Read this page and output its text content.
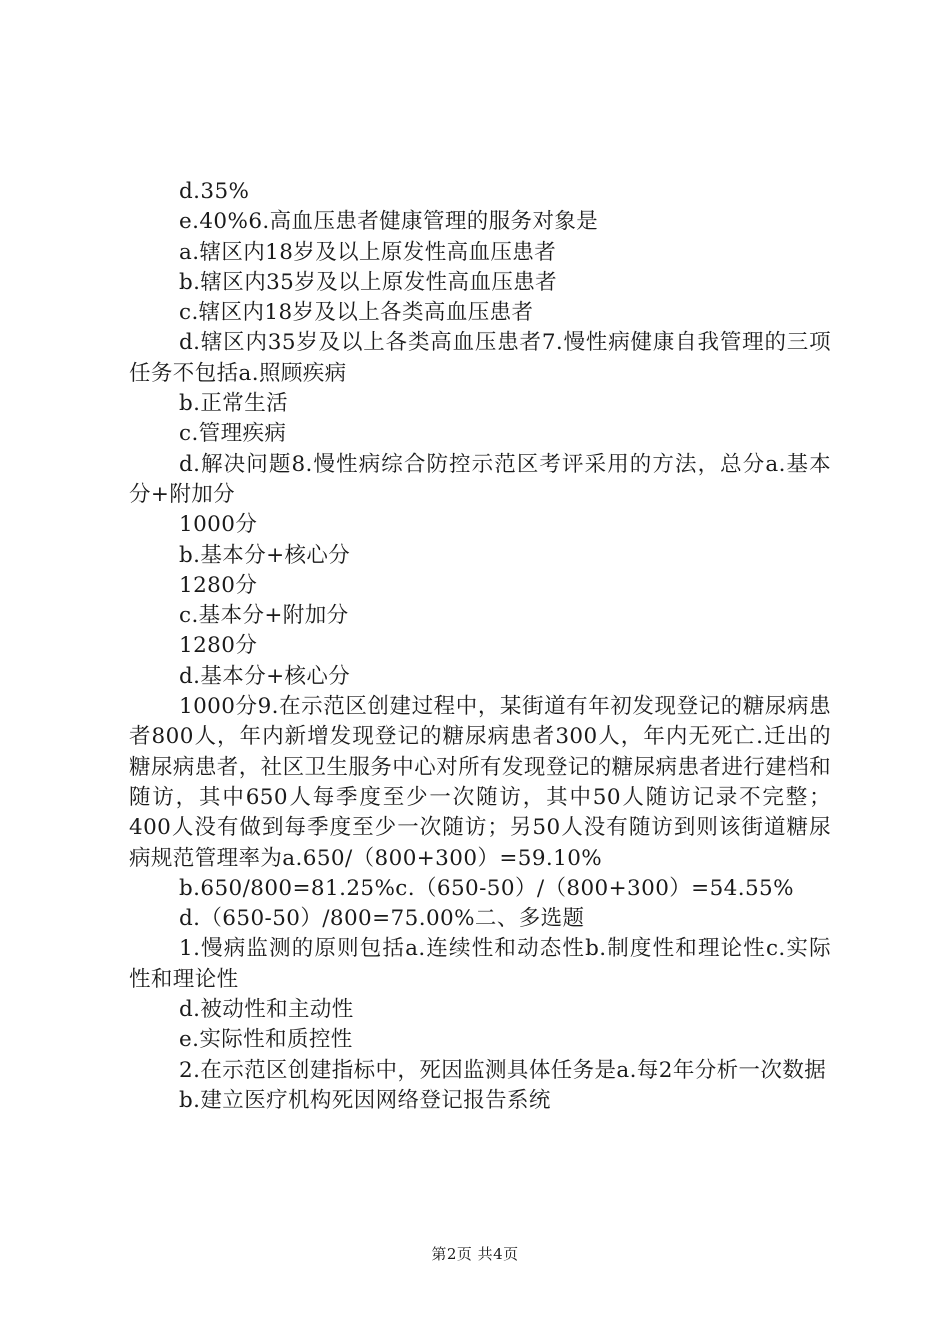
d.35%

e.40%6.高血压患者健康管理的服务对象是

a.辖区内18岁及以上原发性高血压患者

b.辖区内35岁及以上原发性高血压患者

c.辖区内18岁及以上各类高血压患者

d.辖区内35岁及以上各类高血压患者7.慢性病健康自我管理的三项任务不包括a.照顾疾病

b.正常生活

c.管理疾病

d.解决问题8.慢性病综合防控示范区考评采用的方法，总分a.基本分+附加分

1000分

b.基本分+核心分

1280分

c.基本分+附加分

1280分

d.基本分+核心分

1000分9.在示范区创建过程中，某街道有年初发现登记的糖尿病患者800人，年内新增发现登记的糖尿病患者300人，年内无死亡.迁出的糖尿病患者，社区卫生服务中心对所有发现登记的糖尿病患者进行建档和随访，其中650人每季度至少一次随访，其中50人随访记录不完整；400人没有做到每季度至少一次随访；另50人没有随访到则该街道糖尿病规范管理率为a.650/（800+300）=59.10%

b.650/800=81.25%c.（650-50）/（800+300）=54.55%

d.（650-50）/800=75.00%二、多选题

1.慢病监测的原则包括a.连续性和动态性b.制度性和理论性c.实际性和理论性

d.被动性和主动性

e.实际性和质控性

2.在示范区创建指标中，死因监测具体任务是a.每2年分析一次数据

b.建立医疗机构死因网络登记报告系统

第2页 共4页
